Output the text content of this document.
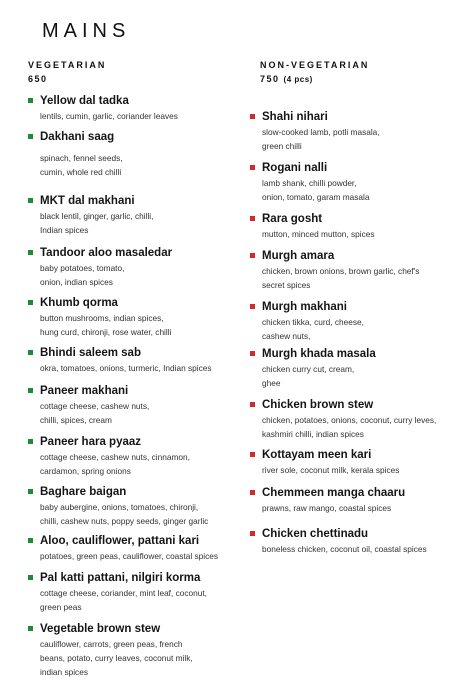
MAINS
VEGETARIAN
650
Yellow dal tadka
lentils, cumin, garlic, coriander leaves
Dakhani saag
spinach, fennel seeds,
cumin, whole red chilli
MKT dal makhani
black lentil, ginger, garlic, chilli,
Indian spices
Tandoor aloo masaledar
baby potatoes, tomato,
onion, indian spices
Khumb qorma
button mushrooms, indian spices,
hung curd, chironji, rose water, chilli
Bhindi saleem sab
okra, tomatoes, onions, turmeric, Indian spices
Paneer makhani
cottage cheese, cashew nuts,
chilli, spices, cream
Paneer hara pyaaz
cottage cheese, cashew nuts, cinnamon,
cardamon, spring onions
Baghare baigan
baby aubergine, onions, tomatoes, chironji,
chilli, cashew nuts, poppy seeds, ginger garlic
Aloo, cauliflower, pattani kari
potatoes, green peas, cauliflower, coastal spices
Pal katti pattani, nilgiri korma
cottage cheese, coriander, mint leaf, coconut,
green peas
Vegetable brown stew
cauliflower, carrots, green peas, french
beans, potato, curry leaves, coconut milk,
indian spices
NON-VEGETARIAN
750 (4 pcs)
Shahi nihari
slow-cooked lamb, potli masala,
green chilli
Rogani nalli
lamb shank, chilli powder,
onion, tomato, garam masala
Rara gosht
mutton, minced mutton, spices
Murgh amara
chicken, brown onions, brown garlic, chef's
secret spices
Murgh makhani
chicken tikka, curd, cheese,
cashew nuts,
Murgh khada masala
chicken curry cut, cream,
ghee
Chicken brown stew
chicken, potatoes, onions, coconut, curry leves,
kashmiri chilli, indian spices
Kottayam meen kari
river sole, coconut milk, kerala spices
Chemmeen manga chaaru
prawns, raw mango, coastal spices
Chicken chettinadu
boneless chicken, coconut oil, coastal spices
